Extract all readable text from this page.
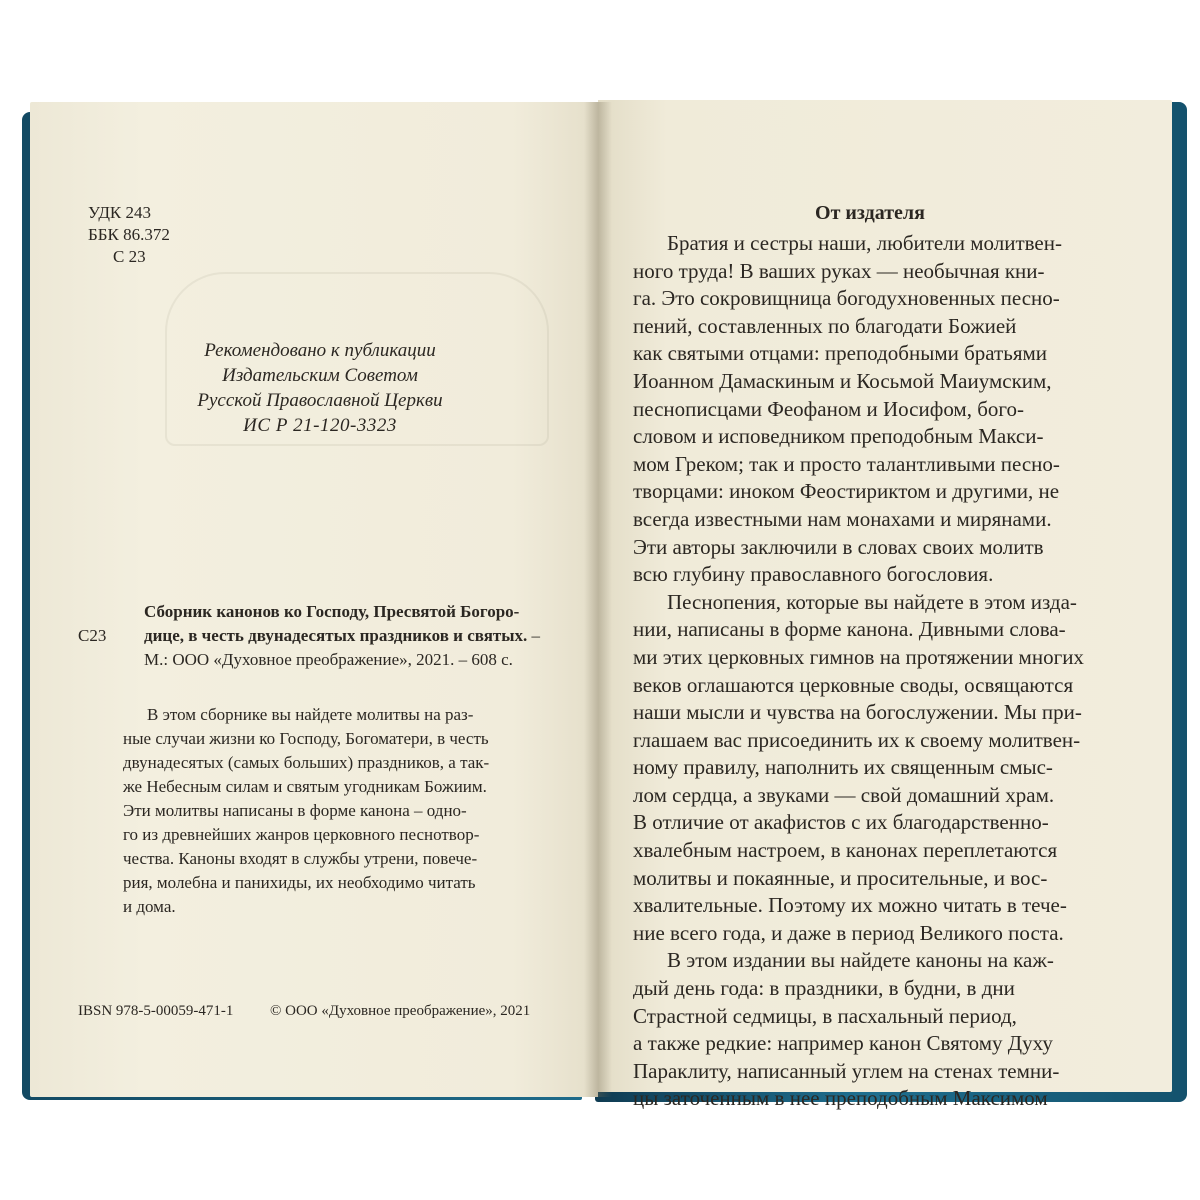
УДК 243
ББК 86.372
С 23
Рекомендовано к публикации
Издательским Советом
Русской Православной Церкви
ИС Р 21-120-3323
С23
Сборник канонов ко Господу, Пресвятой Богоро-
дице, в честь двунадесятых праздников и святых. –
М.: ООО «Духовное преображение», 2021. – 608 с.
В этом сборнике вы найдете молитвы на раз-
ные случаи жизни ко Господу, Богоматери, в честь
двунадесятых (самых больших) праздников, а так-
же Небесным силам и святым угодникам Божиим.
Эти молитвы написаны в форме канона – одно-
го из древнейших жанров церковного песнотвор-
чества. Каноны входят в службы утрени, повече-
рия, молебна и панихиды, их необходимо читать
и дома.
IBSN 978-5-00059-471-1 © ООО «Духовное преображение», 2021
От издателя
Братия и сестры наши, любители молитвен-
ного труда! В ваших руках — необычная кни-
га. Это сокровищница богодухновенных песно-
пений, составленных по благодати Божией
как святыми отцами: преподобными братьями
Иоанном Дамаскиным и Косьмой Маиумским,
песнописцами Феофаном и Иосифом, бого-
словом и исповедником преподобным Макси-
мом Греком; так и просто талантливыми песно-
творцами: иноком Феостириктом и другими, не
всегда известными нам монахами и мирянами.
Эти авторы заключили в словах своих молитв
всю глубину православного богословия.
Песнопения, которые вы найдете в этом изда-
нии, написаны в форме канона. Дивными слова-
ми этих церковных гимнов на протяжении многих
веков оглашаются церковные своды, освящаются
наши мысли и чувства на богослужении. Мы при-
глашаем вас присоединить их к своему молитвен-
ному правилу, наполнить их священным смыс-
лом сердца, а звуками — свой домашний храм.
В отличие от акафистов с их благодарственно-
хвалебным настроем, в канонах переплетаются
молитвы и покаянные, и просительные, и вос-
хвалительные. Поэтому их можно читать в тече-
ние всего года, и даже в период Великого поста.
В этом издании вы найдете каноны на каж-
дый день года: в праздники, в будни, в дни
Страстной седмицы, в пасхальный период,
а также редкие: например канон Святому Духу
Параклиту, написанный углем на стенах темни-
цы заточенным в нее преподобным Максимом
